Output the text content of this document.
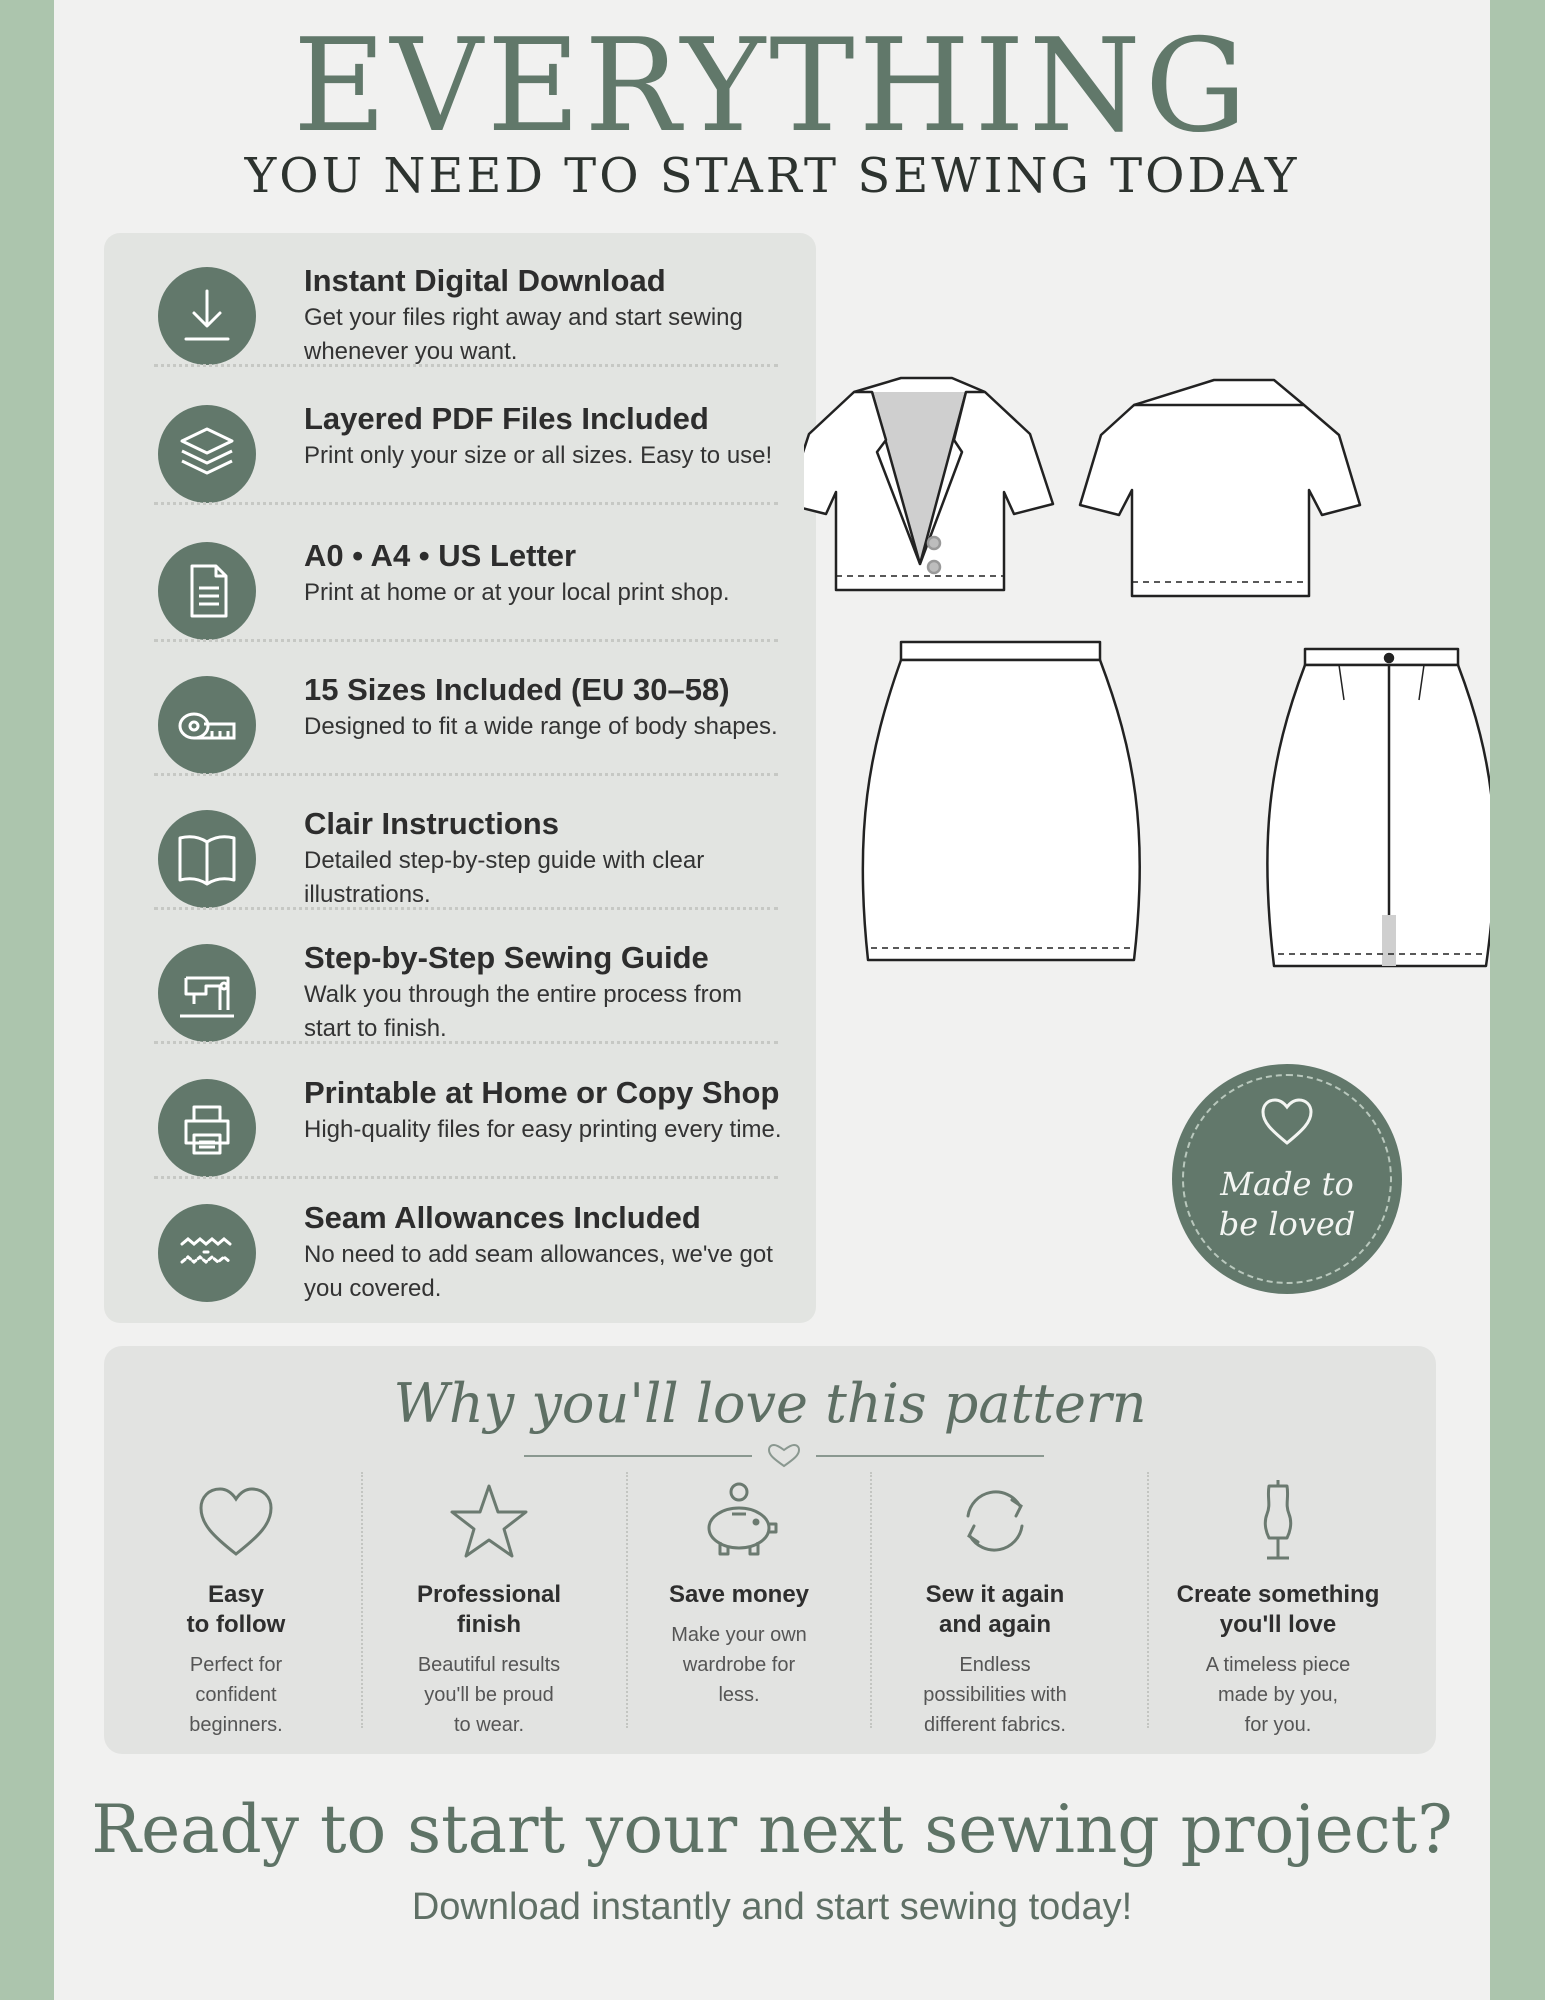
EVERYTHING
YOU NEED TO START SEWING TODAY
Instant Digital Download
Get your files right away and start sewing whenever you want.
Layered PDF Files Included
Print only your size or all sizes. Easy to use!
A0 • A4 • US Letter
Print at home or at your local print shop.
15 Sizes Included (EU 30–58)
Designed to fit a wide range of body shapes.
Clair Instructions
Detailed step-by-step guide with clear illustrations.
Step-by-Step Sewing Guide
Walk you through the entire process from start to finish.
Printable at Home or Copy Shop
High-quality files for easy printing every time.
Seam Allowances Included
No need to add seam allowances, we've got you covered.
Made to
be loved
Why you'll love this pattern
Easy
to follow
Perfect for
confident
beginners.
Professional
finish
Beautiful results
you'll be proud
to wear.
Save money
Make your own
wardrobe for
less.
Sew it again
and again
Endless
possibilities with
different fabrics.
Create something
you'll love
A timeless piece
made by you,
for you.
Ready to start your next sewing project?
Download instantly and start sewing today!
